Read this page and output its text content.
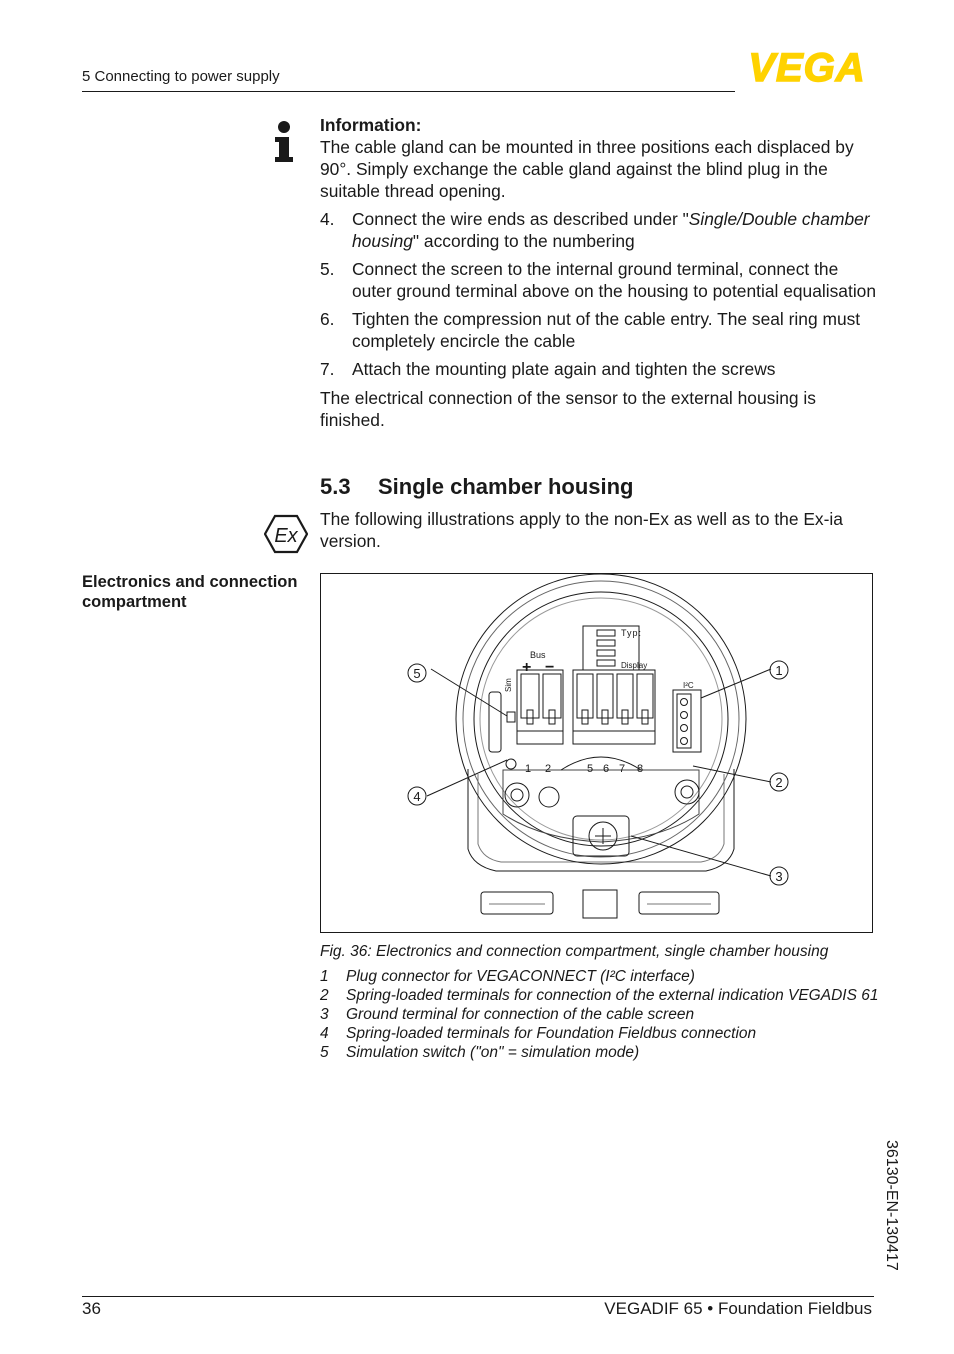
5 Connecting to power supply	VEGA
Information:
The cable gland can be mounted in three positions each displaced by 90°. Simply exchange the cable gland against the blind plug in the suitable thread opening.
4. Connect the wire ends as described under "Single/Double chamber housing" according to the numbering
5. Connect the screen to the internal ground terminal, connect the outer ground terminal above on the housing to potential equalisation
6. Tighten the compression nut of the cable entry. The seal ring must completely encircle the cable
7. Attach the mounting plate again and tighten the screws
The electrical connection of the sensor to the external housing is finished.
5.3 Single chamber housing
Ex
The following illustrations apply to the non-Ex as well as to the Ex-ia version.
Electronics and connection compartment
Typ:
Display
Bus
+ −
I²C
Sim
1 2	5 6 7 8
5	1
2
3
4
Fig. 36: Electronics and connection compartment, single chamber housing
1 Plug connector for VEGACONNECT (I²C interface)
2 Spring-loaded terminals for connection of the external indication VEGADIS 61
3 Ground terminal for connection of the cable screen
4 Spring-loaded terminals for Foundation Fieldbus connection
5 Simulation switch ("on" = simulation mode)
36130-EN-130417
36	VEGADIF 65 • Foundation Fieldbus
